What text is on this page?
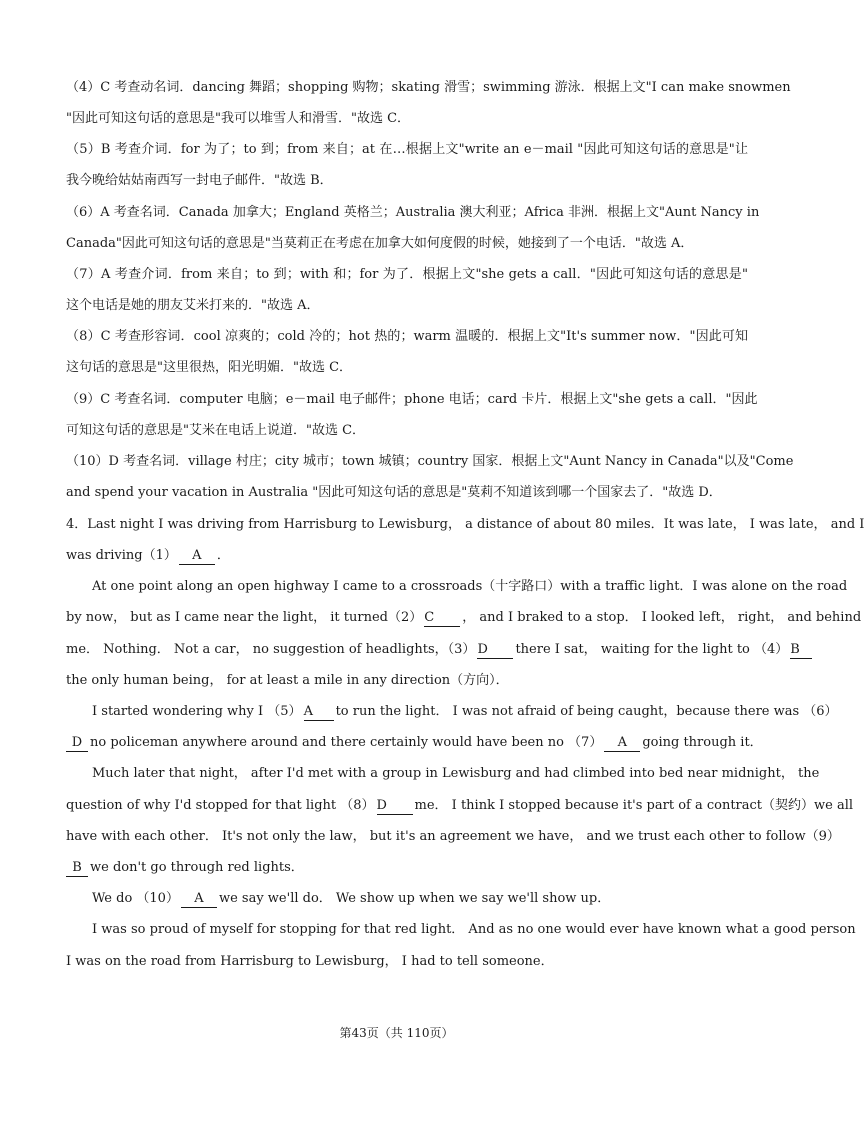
（4）C 考查动名词．dancing 舞蹈；shopping 购物；skating 滑雪；swimming 游泳．根据上文"I can make snowmen
"因此可知这句话的意思是"我可以堆雪人和滑雪．"故选 C．
（5）B 考查介词．for 为了；to 到；from 来自；at 在…根据上文"write an e－mail "因此可知这句话的意思是"让
我今晚给姑姑南西写一封电子邮件．"故选 B．
（6）A 考查名词．Canada 加拿大；England 英格兰；Australia 澳大利亚；Africa 非洲．根据上文"Aunt Nancy in
Canada"因此可知这句话的意思是"当莫莉正在考虑在加拿大如何度假的时候，她接到了一个电话．"故选 A．
（7）A 考查介词．from 来自；to 到；with 和；for 为了．根据上文"she gets a call．"因此可知这句话的意思是"
这个电话是她的朋友艾米打来的．"故选 A．
（8）C 考查形容词．cool 凉爽的；cold 冷的；hot 热的；warm 温暖的．根据上文"It's summer now．"因此可知
这句话的意思是"这里很热，阳光明媚．"故选 C．
（9）C 考查名词．computer 电脑；e－mail 电子邮件；phone 电话；card 卡片．根据上文"she gets a call．"因此
可知这句话的意思是"艾米在电话上说道．"故选 C．
（10）D 考查名词．village 村庄；city 城市；town 城镇；country 国家．根据上文"Aunt Nancy in Canada"以及"Come
and spend your vacation in Australia "因此可知这句话的意思是"莫莉不知道该到哪一个国家去了．"故选 D．
4．Last night I was driving from Harrisburg to Lewisburg， a distance of about 80 miles．It was late， I was late， and I
was driving（1） A ．
At one point along an open highway I came to a crossroads（十字路口）with a traffic light．I was alone on the road
by now， but as I came near the light， it turned（2） C ， and I braked to a stop． I looked left， right， and behind
me． Nothing． Not a car， no suggestion of headlights，（3） D there I sat， waiting for the light to （4） B
the only human being， for at least a mile in any direction（方向）．
I started wondering why I （5） A to run the light． I was not afraid of being caught，because there was （6）
D no policeman anywhere around and there certainly would have been no （7） A going through it．
Much later that night， after I'd met with a group in Lewisburg and had climbed into bed near midnight， the
question of why I'd stopped for that light （8） D me． I think I stopped because it's part of a contract（契约）we all
have with each other． It's not only the law， but it's an agreement we have， and we trust each other to follow（9）
B we don't go through red lights．
We do （10） A we say we'll do． We show up when we say we'll show up．
I was so proud of myself for stopping for that red light． And as no one would ever have known what a good person
I was on the road from Harrisburg to Lewisburg， I had to tell someone．
第43页（共 110页）
